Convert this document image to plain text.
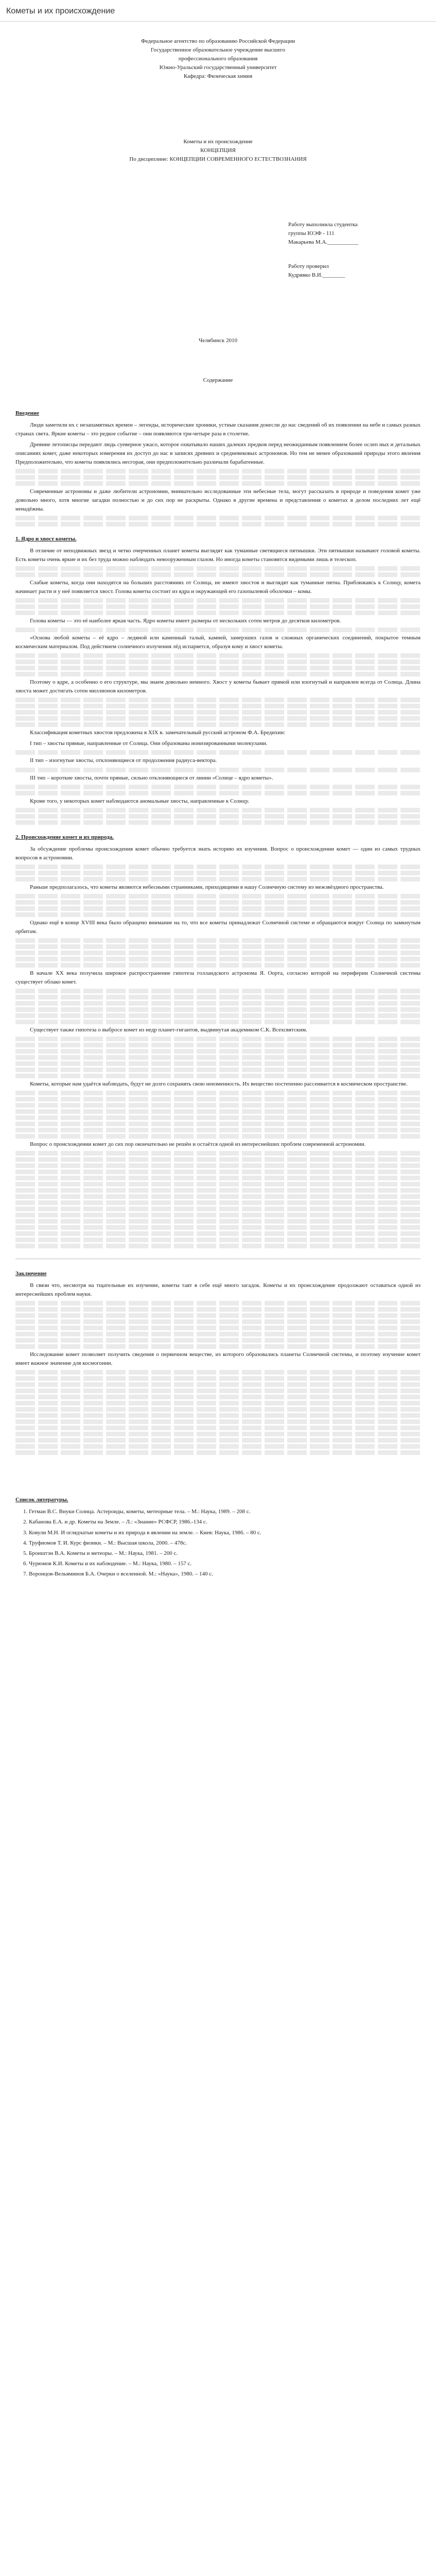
Кометы и их происхождение
Федеральное агентство по образованию Российской Федерации
Государственное образовательное учреждение высшего
профессионального образования
Южно-Уральский государственный университет
Кафедра: Физическая химия
Кометы и их происхождение
КОНЦЕПЦИЯ
По дисциплине: КОНЦЕПЦИИ СОВРЕМЕННОГО ЕСТЕСТВОЗНАНИЯ
Работу выполнила студентка
группы ЮЭФ - 111
Макарьева М.А.___________
Работу проверил
Кудрявко В.И.________
Челябинск 2010
Содержание
Введение

Люди заметили их с незапамятных времен – легенды, исторические хроники, устные сказания донесли до нас сведений об их появлении на небе и самых разных странах света. Яркие кометы – это редкое событие – они появляются три-четыре раза в столетие.

Древние летописцы передают людь суеверное ужасо, которое охватывало наших далеких предков перед неожиданным появлением более ослеп ных и детальных описаниях комет, даже некоторых измерения их доступ до нас в записях древних и средневековых астрономов. Но тем не менее образований природы этого явления Предположительно, что кометы появлялись несгорая, они предположительно различали барабатенные.

Современные астрономы и даже любители астрономии, внимательно исследованные эти небесные тела, могут рассказать в природе и поведения комет уже довольно много, хотя многие загадки полностью и до сих пор не раскрыты. Однако в другие времена и представления о кометах в делом последних лет ещё ненадёжны.

1. Ядро и хвост кометы.

В отличие от неподвижных звезд и четко очерченных планет кометы выглядят как туманные светящиеся пятнышки. Эти пятнышки называют головой кометы. Есть кометы очень яркие и их без труда можно наблюдать невооруженным глазом. Но иногда кометы становятся видимыми лишь в телескоп.

Слабые кометы, когда они находятся на больших расстояниях от Солнца, не имеют хвостов и выглядят как туманные пятна. Приближаясь к Солнцу, комета начинает расти и у неё появляется хвост. Голова кометы состоит из ядра и окружающей его газопылевой оболочки – комы.

Голова кометы — это её наиболее яркая часть. Ядро кометы имеет размеры от нескольких сотен метров до десятков километров.

«Основа любой кометы – её ядро – ледяной или каменный талый, камней, замерзших газов и сложных органических соединений, покрытое темным космическим материалом. Под действием солнечного излучения лёд испаряется, образуя кому и хвост кометы.

Поэтому о ядре, а особенно о его структуре, мы знаем довольно немного. Хвост у кометы бывает прямой или изогнутый и направлен всегда от Солнца. Длина хвоста может достигать сотен миллионов километров.

Классификация кометных хвостов предложена в XIX в. замечательный русский астроном Ф.А. Бредихин:

I тип – хвосты прямые, направленные от Солнца. Они образованы ионизированными молекулами.

II тип – изогнутые хвосты, отклоняющиеся от продолжения радиуса-вектора.

III тип – короткие хвосты, почти прямые, сильно отклоняющиеся от линии «Солнце – ядро кометы».

Кроме того, у некоторых комет наблюдаются аномальные хвосты, направленные к Солнцу.

2. Происхождение комет и их природа.

За обсуждение проблемы происхождения комет обычно требуется знать историю их изучения. Вопрос о происхождении комет — один из самых трудных вопросов в астрономии.

Раньше предполагалось, что кометы являются небесными странниками, приходящими в нашу Солнечную систему из межзвёздного пространства.

Однако ещё в конце XVIII века было обращено внимание на то, что все кометы принадлежат Солнечной системе и обращаются вокруг Солнца по замкнутым орбитам.

В начале XX века получила широкое распространение гипотеза голландского астронома Я. Оорта, согласно которой на периферии Солнечной системы существует облако комет.

Существует также гипотеза о выбросе комет из недр планет-гигантов, выдвинутая академиком С.К. Всехсвятским.

Кометы, которые нам удаётся наблюдать, будут не долго сохранять свою неизменность. Их вещество постепенно рассеивается в космическом пространстве.

Вопрос о происхождении комет до сих пор окончательно не решён и остаётся одной из интереснейших проблем современной астрономии.

Заключение

В cвязи что, несмотря на тщательные их изучение, кометы таят в себе ещё много загадок. Кометы и их происхождение продолжают оставаться одной из интереснейших проблем науки.

Исследование комет позволяет получить сведения о первичном веществе, из которого образовались планеты Солнечной системы, и поэтому изучение комет имеет важное значение для космогонии.

Список литературы.
1. Гетман В.С. Внуки Солнца. Астероиды, кометы, метеорные тела. – М.: Наука, 1989. – 208 с.
2. Кабанова Е.А. и др. Кометы на Земле. – Л.: «Знание» РСФСР, 1986.-134 с.
3. Ковули М.Н. И оглядчатые кометы и их природа в явлении на земле. – Киев: Наука, 1986. – 80 с.
4. Труфиомов Т. И. Курс физики. – М.: Высшая школа, 2000. – 478с.
5. Бронштэн В.А. Кометы и метеоры. – М.: Наука, 1981. – 200 с.
6. Чурюмов К.И. Кометы и их наблюдение. – М.: Наука, 1980. – 157 с.
7. Воронцов-Вельяминов Б.А. Очерки о вселенной. М.: «Наука», 1980. – 140 с.
